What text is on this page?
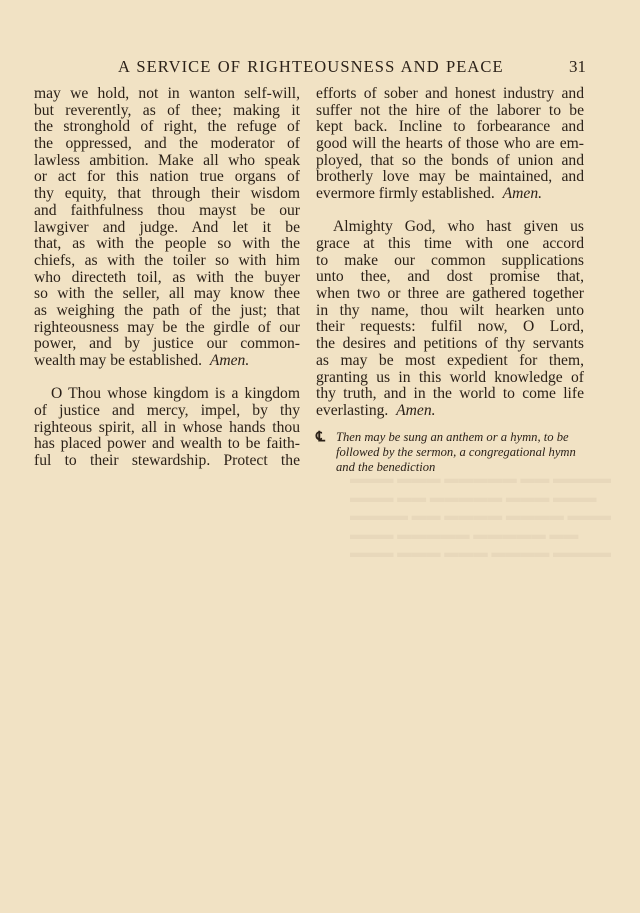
▬▬▬ ▬▬▬ ▬▬▬▬▬ ▬▬ ▬▬▬▬
▬▬▬ ▬▬ ▬▬▬▬▬ ▬▬▬ ▬▬▬
▬▬▬▬ ▬▬ ▬▬▬▬ ▬▬▬▬ ▬▬▬
▬▬▬ ▬▬▬▬▬ ▬▬▬▬▬ ▬▬
▬▬▬ ▬▬▬ ▬▬▬ ▬▬▬▬ ▬▬▬▬
A SERVICE OF RIGHTEOUSNESS AND PEACE	31
may we hold, not in wanton self-will,
but reverently, as of thee; making it
the stronghold of right, the refuge of
the oppressed, and the moderator of
lawless ambition. Make all who speak
or act for this nation true organs of
thy equity, that through their wisdom
and faithfulness thou mayst be our
lawgiver and judge. And let it be
that, as with the people so with the
chiefs, as with the toiler so with him
who directeth toil, as with the buyer
so with the seller, all may know thee
as weighing the path of the just; that
righteousness may be the girdle of our
power, and by justice our common-
wealth may be established. Amen.
O Thou whose kingdom is a kingdom
of justice and mercy, impel, by thy
righteous spirit, all in whose hands thou
has placed power and wealth to be faith-
ful to their stewardship. Protect the
efforts of sober and honest industry and
suffer not the hire of the laborer to be
kept back. Incline to forbearance and
good will the hearts of those who are em-
ployed, that so the bonds of union and
brotherly love may be maintained, and
evermore firmly established. Amen.
Almighty God, who hast given us
grace at this time with one accord
to make our common supplications
unto thee, and dost promise that,
when two or three are gathered together
in thy name, thou wilt hearken unto
their requests: fulfil now, O Lord,
the desires and petitions of thy servants
as may be most expedient for them,
granting us in this world knowledge of
thy truth, and in the world to come life
everlasting. Amen.
℄ Then may be sung an anthem or a hymn, to be
followed by the sermon, a congregational hymn
and the benediction
